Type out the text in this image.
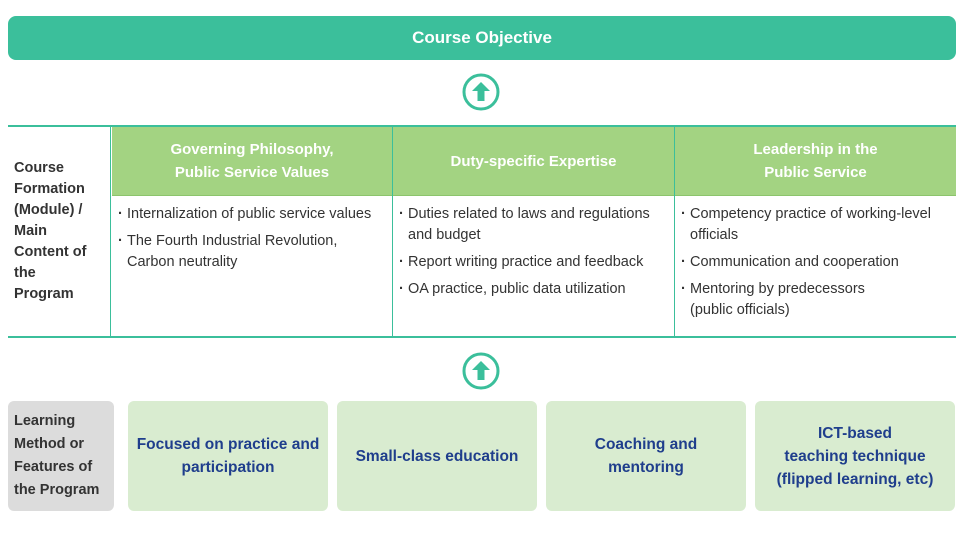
Course Objective
Course
Formation
(Module) /
Main
Content of
the
Program
Governing Philosophy,
Public Service Values
· Internalization of public service values
· The Fourth Industrial Revolution, Carbon neutrality
Duty-specific Expertise
· Duties related to laws and regulations and budget
· Report writing practice and feedback
· OA practice, public data utilization
Leadership in the
Public Service
· Competency practice of working-level officials
· Communication and cooperation
· Mentoring by predecessors
(public officials)
Learning
Method or
Features of
the Program
Focused on practice and
participation
Small-class education
Coaching and
mentoring
ICT-based
teaching technique
(flipped learning, etc)
